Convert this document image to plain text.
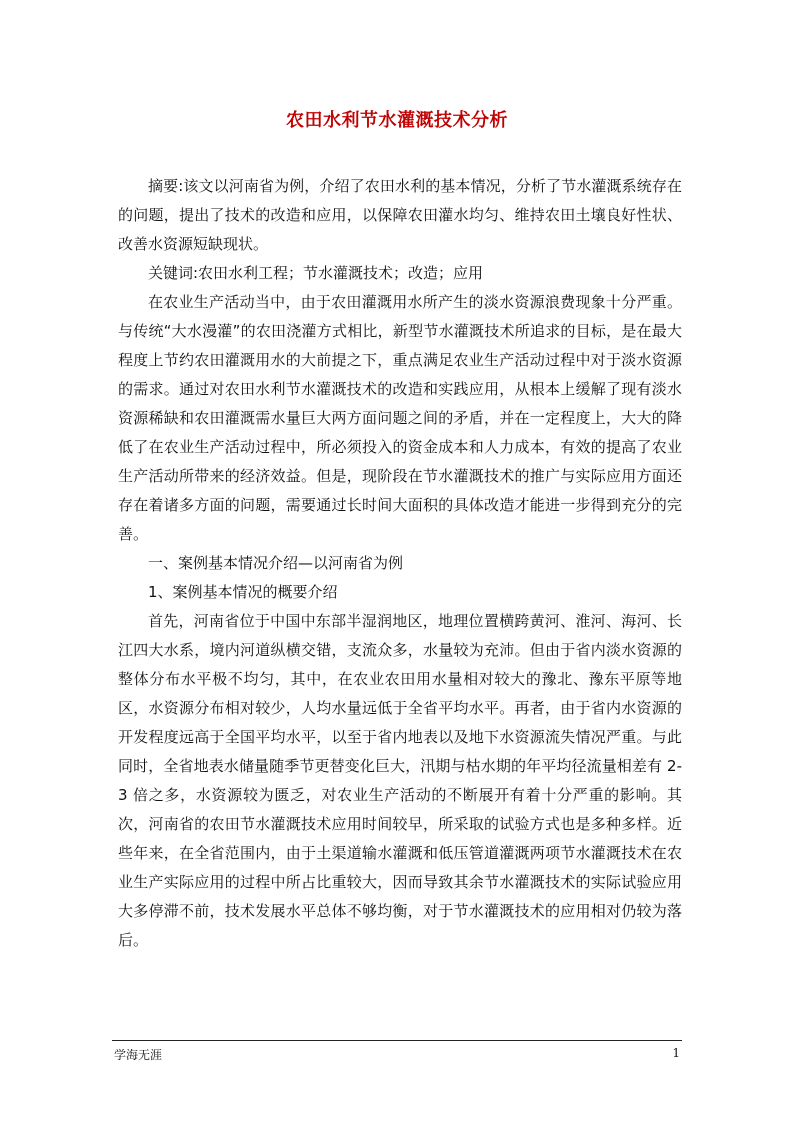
农田水利节水灌溉技术分析

摘要:该文以河南省为例，介绍了农田水利的基本情况，分析了节水灌溉系统存在的问题，提出了技术的改造和应用，以保障农田灌水均匀、维持农田土壤良好性状、改善水资源短缺现状。

关键词:农田水利工程；节水灌溉技术；改造；应用

在农业生产活动当中，由于农田灌溉用水所产生的淡水资源浪费现象十分严重。与传统“大水漫灌”的农田浇灌方式相比，新型节水灌溉技术所追求的目标，是在最大程度上节约农田灌溉用水的大前提之下，重点满足农业生产活动过程中对于淡水资源的需求。通过对农田水利节水灌溉技术的改造和实践应用，从根本上缓解了现有淡水资源稀缺和农田灌溉需水量巨大两方面问题之间的矛盾，并在一定程度上，大大的降低了在农业生产活动过程中，所必须投入的资金成本和人力成本，有效的提高了农业生产活动所带来的经济效益。但是，现阶段在节水灌溉技术的推广与实际应用方面还存在着诸多方面的问题，需要通过长时间大面积的具体改造才能进一步得到充分的完善。

一、案例基本情况介绍—以河南省为例

1、案例基本情况的概要介绍

首先，河南省位于中国中东部半湿润地区，地理位置横跨黄河、淮河、海河、长江四大水系，境内河道纵横交错，支流众多，水量较为充沛。但由于省内淡水资源的整体分布水平极不均匀，其中，在农业农田用水量相对较大的豫北、豫东平原等地区，水资源分布相对较少，人均水量远低于全省平均水平。再者，由于省内水资源的开发程度远高于全国平均水平，以至于省内地表以及地下水资源流失情况严重。与此同时，全省地表水储量随季节更替变化巨大，汛期与枯水期的年平均径流量相差有 2-3 倍之多，水资源较为匮乏，对农业生产活动的不断展开有着十分严重的影响。其次，河南省的农田节水灌溉技术应用时间较早，所采取的试验方式也是多种多样。近些年来，在全省范围内，由于土渠道输水灌溉和低压管道灌溉两项节水灌溉技术在农业生产实际应用的过程中所占比重较大，因而导致其余节水灌溉技术的实际试验应用大多停滞不前，技术发展水平总体不够均衡，对于节水灌溉技术的应用相对仍较为落后。

学海无涯	1
